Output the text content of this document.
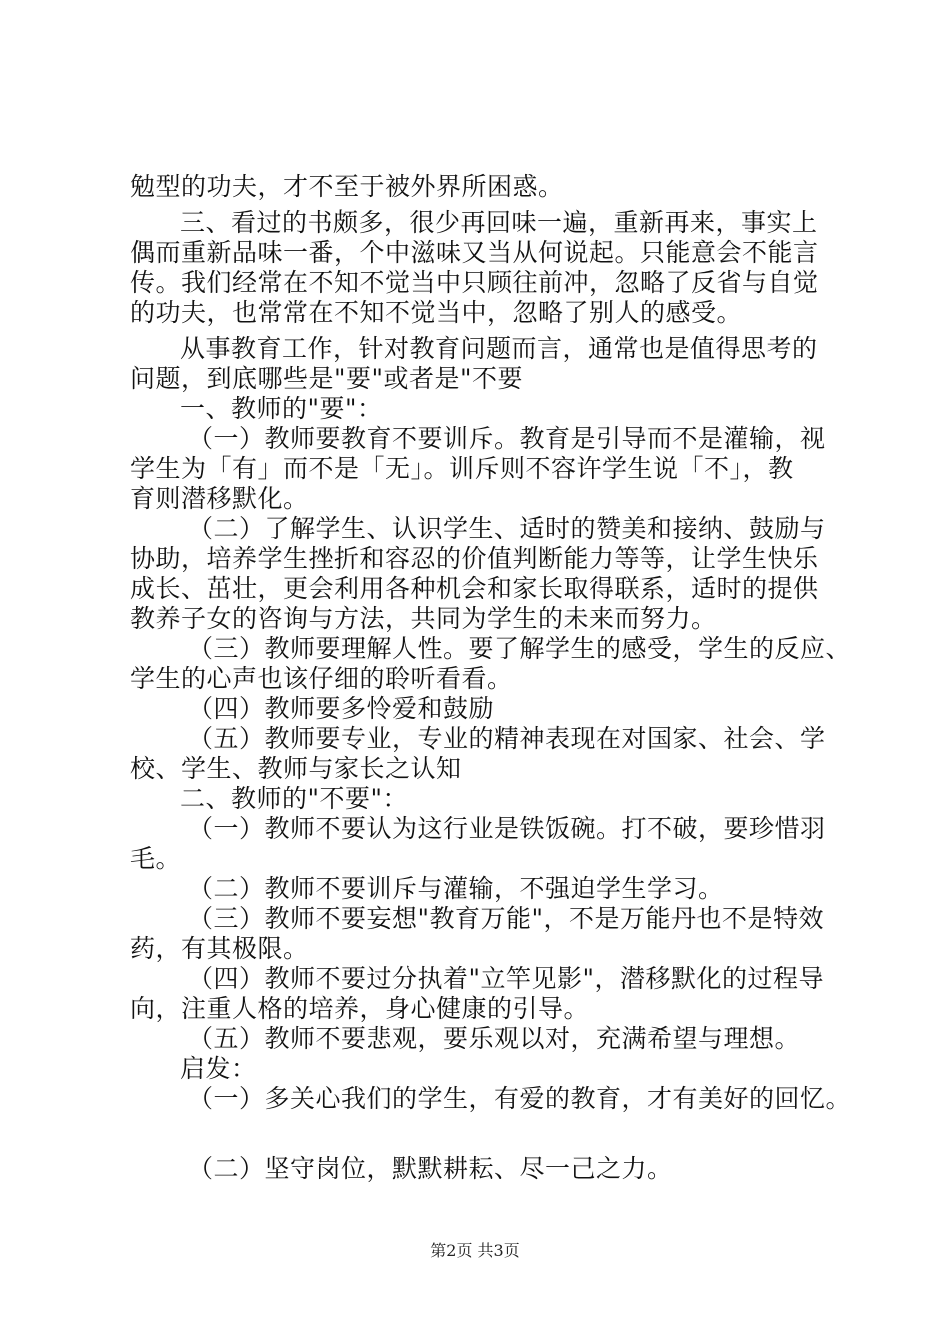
勉型的功夫，才不至于被外界所困惑。
三、看过的书颇多，很少再回味一遍，重新再来，事实上
偶而重新品味一番，个中滋味又当从何说起。只能意会不能言
传。我们经常在不知不觉当中只顾往前冲，忽略了反省与自觉
的功夫，也常常在不知不觉当中，忽略了别人的感受。
从事教育工作，针对教育问题而言，通常也是值得思考的
问题，到底哪些是"要"或者是"不要
一、教师的"要"：
（一）教师要教育不要训斥。教育是引导而不是灌输，视
学生为「有」而不是「无」。训斥则不容许学生说「不」，教
育则潜移默化。
（二）了解学生、认识学生、适时的赞美和接纳、鼓励与
协助，培养学生挫折和容忍的价值判断能力等等，让学生快乐
成长、茁壮，更会利用各种机会和家长取得联系，适时的提供
教养子女的咨询与方法，共同为学生的未来而努力。
（三）教师要理解人性。要了解学生的感受，学生的反应、
学生的心声也该仔细的聆听看看。
（四）教师要多怜爱和鼓励
（五）教师要专业，专业的精神表现在对国家、社会、学
校、学生、教师与家长之认知
二、教师的"不要"：
（一）教师不要认为这行业是铁饭碗。打不破，要珍惜羽
毛。
（二）教师不要训斥与灌输，不强迫学生学习。
（三）教师不要妄想"教育万能"，不是万能丹也不是特效
药，有其极限。
（四）教师不要过分执着"立竿见影"，潜移默化的过程导
向，注重人格的培养，身心健康的引导。
（五）教师不要悲观，要乐观以对，充满希望与理想。
启发：
（一）多关心我们的学生，有爱的教育，才有美好的回忆。
（二）坚守岗位，默默耕耘、尽一己之力。
第2页 共3页
